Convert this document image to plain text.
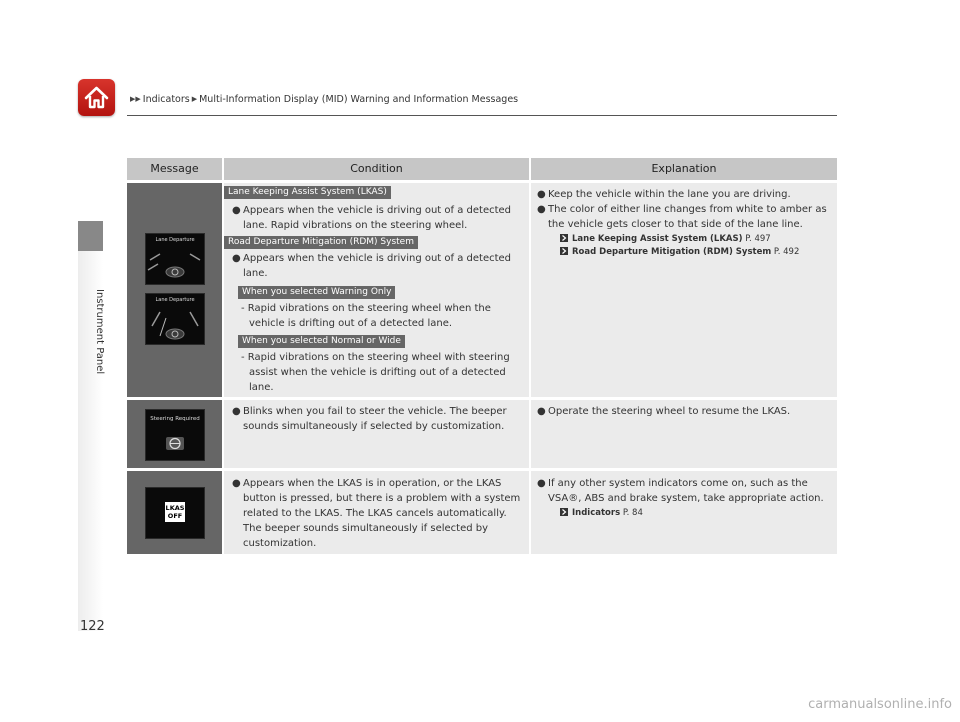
▶▶ Indicators ▶ Multi-Information Display (MID) Warning and Information Messages
Instrument Panel
122
Message	Condition	Explanation
Lane Departure
Lane Departure
Lane Keeping Assist System (LKAS)
● Appears when the vehicle is driving out of a detected lane. Rapid vibrations on the steering wheel.
Road Departure Mitigation (RDM) System
● Appears when the vehicle is driving out of a detected lane.
When you selected Warning Only
- Rapid vibrations on the steering wheel when the vehicle is drifting out of a detected lane.
When you selected Normal or Wide
- Rapid vibrations on the steering wheel with steering assist when the vehicle is drifting out of a detected lane.
● Keep the vehicle within the lane you are driving.
● The color of either line changes from white to amber as the vehicle gets closer to that side of the lane line.
Lane Keeping Assist System (LKAS) P. 497
Road Departure Mitigation (RDM) System P. 492
Steering Required
● Blinks when you fail to steer the vehicle. The beeper sounds simultaneously if selected by customization.
● Operate the steering wheel to resume the LKAS.
LKAS
OFF
● Appears when the LKAS is in operation, or the LKAS button is pressed, but there is a problem with a system related to the LKAS. The LKAS cancels automatically. The beeper sounds simultaneously if selected by customization.
● If any other system indicators come on, such as the VSA®, ABS and brake system, take appropriate action.
Indicators P. 84
carmanualsonline.info
